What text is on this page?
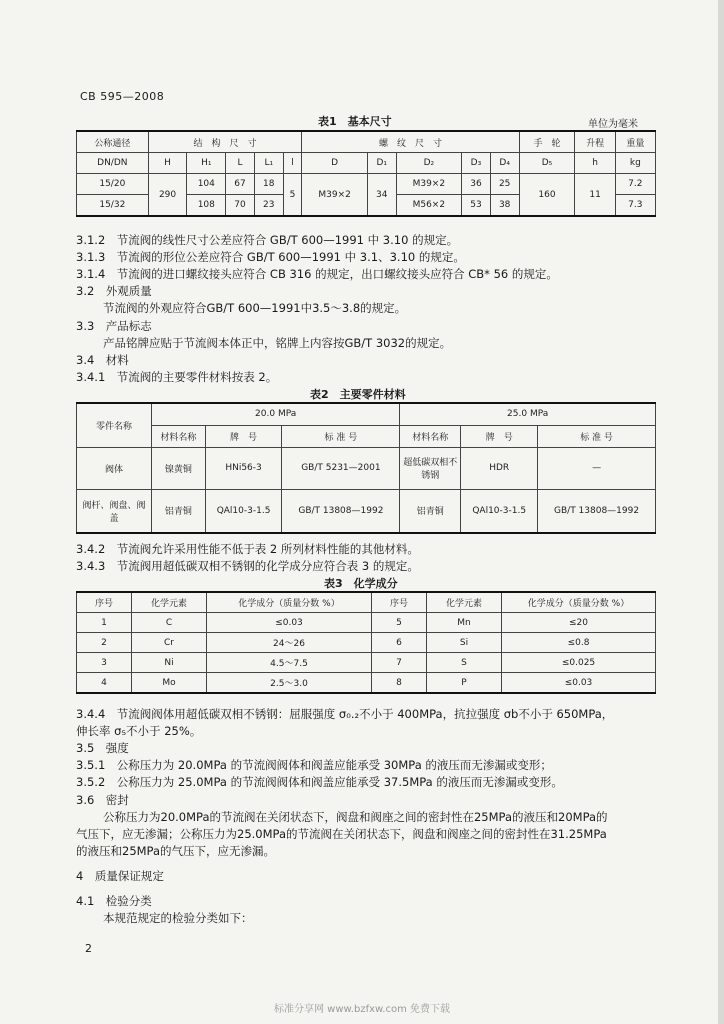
CB 595—2008
表1　基本尺寸	单位为毫米
公称通径	结　构　尺　寸					螺　纹　尺　寸					手　轮	升程	重量
DN/DN	H	H₁	L	L₁	l	D	D₁	D₂	D₃	D₄	D₅	h	kg
15/20	290	104	67	18	5	M39×2	34	M39×2	36	25	160	11	7.2
15/32		108	70	23				M56×2	53	38			7.3
3.1.2　 节流阀的线性尺寸公差应符合 GB/T 600—1991 中 3.10 的规定。
3.1.3　 节流阀的形位公差应符合 GB/T 600—1991 中 3.1、3.10 的规定。
3.1.4　 节流阀的进口螺纹接头应符合 CB 316 的规定，出口螺纹接头应符合 CB* 56 的规定。
3.2　 外观质量
节流阀的外观应符合GB/T 600—1991中3.5～3.8的规定。
3.3　 产品标志
产品铭牌应贴于节流阀本体正中，铭牌上内容按GB/T 3032的规定。
3.4　 材料
3.4.1　 节流阀的主要零件材料按表 2。
表2　主要零件材料
零件名称	20.0 MPa			25.0 MPa		
	材料名称	牌　号	标 准 号	材料名称	牌　号	标 准 号
阀体	镍黄铜	HNi56-3	GB/T 5231—2001	超低碳双相不锈钢	HDR	—
阀杆、阀盘、阀盖	铝青铜	QAl10-3-1.5	GB/T 13808—1992	铝青铜	QAl10-3-1.5	GB/T 13808—1992
3.4.2　 节流阀允许采用性能不低于表 2 所列材料性能的其他材料。
3.4.3　 节流阀用超低碳双相不锈钢的化学成分应符合表 3 的规定。
表3　化学成分
序号	化学元素	化学成分（质量分数 %）	序号	化学元素	化学成分（质量分数 %）
1	C	≤0.03	5	Mn	≤20
2	Cr	24～26	6	Si	≤0.8
3	Ni	4.5～7.5	7	S	≤0.025
4	Mo	2.5～3.0	8	P	≤0.03
3.4.4　 节流阀阀体用超低碳双相不锈钢：屈服强度 σ₀.₂不小于 400MPa，抗拉强度 σb不小于 650MPa，
伸长率 σ₅不小于 25%。
3.5　 强度
3.5.1　 公称压力为 20.0MPa 的节流阀阀体和阀盖应能承受 30MPa 的液压而无渗漏或变形；
3.5.2　 公称压力为 25.0MPa 的节流阀阀体和阀盖应能承受 37.5MPa 的液压而无渗漏或变形。
3.6　 密封
公称压力为20.0MPa的节流阀在关闭状态下，阀盘和阀座之间的密封性在25MPa的液压和20MPa的
气压下，应无渗漏；公称压力为25.0MPa的节流阀在关闭状态下，阀盘和阀座之间的密封性在31.25MPa
的液压和25MPa的气压下，应无渗漏。
4　 质量保证规定
4.1　 检验分类
本规范规定的检验分类如下：
2
标准分享网 www.bzfxw.com 免费下载
